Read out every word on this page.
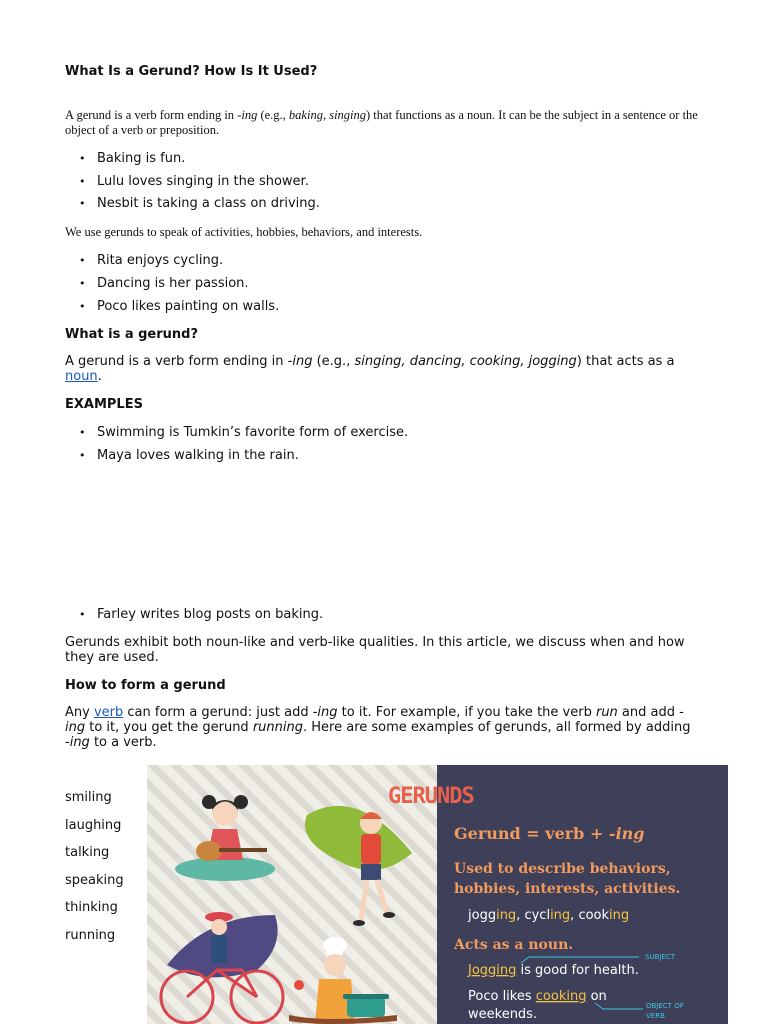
What Is a Gerund? How Is It Used?

A gerund is a verb form ending in -ing (e.g., baking, singing) that functions as a noun. It can be the subject in a sentence or the object of a verb or preposition.

• Baking is fun.
• Lulu loves singing in the shower.
• Nesbit is taking a class on driving.

We use gerunds to speak of activities, hobbies, behaviors, and interests.

• Rita enjoys cycling.
• Dancing is her passion.
• Poco likes painting on walls.

What is a gerund?

A gerund is a verb form ending in -ing (e.g., singing, dancing, cooking, jogging) that acts as a noun.

EXAMPLES

• Swimming is Tumkin’s favorite form of exercise.
• Maya loves walking in the rain.
• Farley writes blog posts on baking.

Gerunds exhibit both noun-like and verb-like qualities. In this article, we discuss when and how they are used.

How to form a gerund

Any verb can form a gerund: just add -ing to it. For example, if you take the verb run and add -ing to it, you get the gerund running. Here are some examples of gerunds, all formed by adding -ing to a verb.

smiling
laughing
talking
speaking
thinking
running
GERUNDS
Gerund = verb + -ing
Used to describe behaviors,
hobbies, interests, activities.
jogging, cycling, cooking
Acts as a noun.
SUBJECT
Jogging is good for health.
Poco likes cooking on
weekends.
OBJECT OF
VERB
